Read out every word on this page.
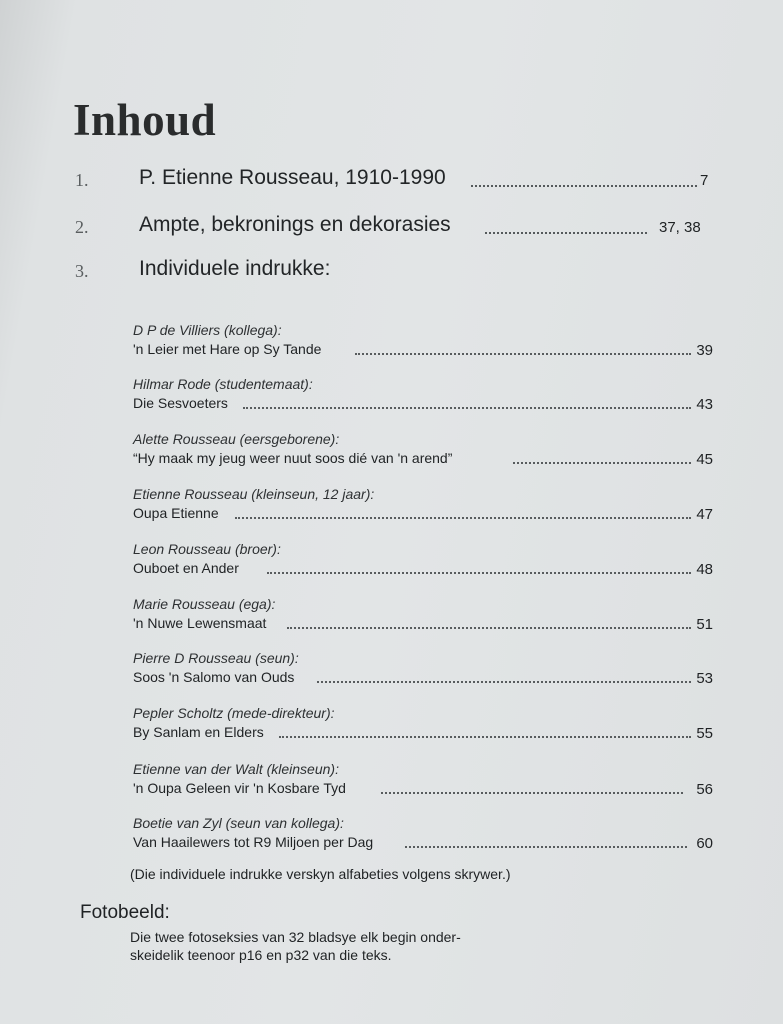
Inhoud
1. P. Etienne Rousseau, 1910-1990	7
2. Ampte, bekronings en dekorasies	37, 38
3. Individuele indrukke:
D P de Villiers (kollega):
'n Leier met Hare op Sy Tande	39
Hilmar Rode (studentemaat):
Die Sesvoeters	43
Alette Rousseau (eersgeborene):
“Hy maak my jeug weer nuut soos dié van 'n arend”	45
Etienne Rousseau (kleinseun, 12 jaar):
Oupa Etienne	47
Leon Rousseau (broer):
Ouboet en Ander	48
Marie Rousseau (ega):
'n Nuwe Lewensmaat	51
Pierre D Rousseau (seun):
Soos 'n Salomo van Ouds	53
Pepler Scholtz (mede-direkteur):
By Sanlam en Elders	55
Etienne van der Walt (kleinseun):
'n Oupa Geleen vir 'n Kosbare Tyd	56
Boetie van Zyl (seun van kollega):
Van Haailewers tot R9 Miljoen per Dag	60
(Die individuele indrukke verskyn alfabeties volgens skrywer.)
Fotobeeld:
Die twee fotoseksies van 32 bladsye elk begin onder-
skeidelik teenoor p16 en p32 van die teks.
